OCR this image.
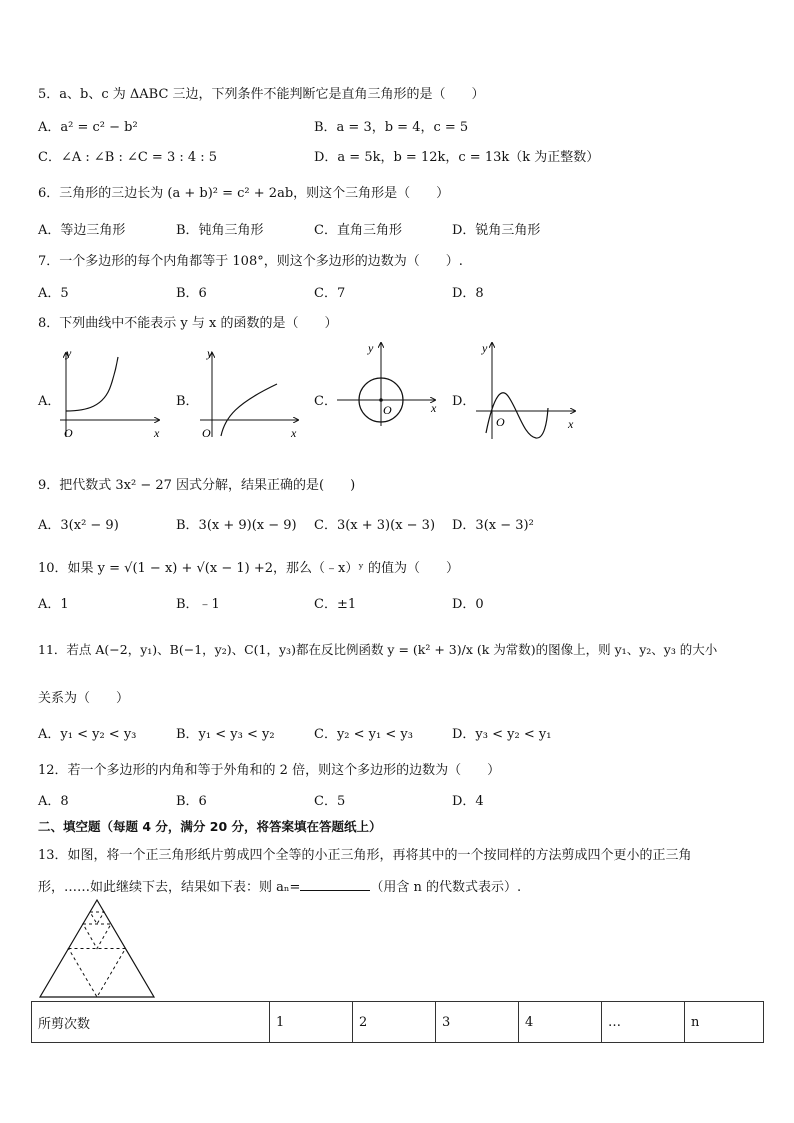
5．a、b、c 为 ΔABC 三边，下列条件不能判断它是直角三角形的是（　　）
A．a² = c² − b²	B．a = 3，b = 4，c = 5
C．∠A : ∠B : ∠C = 3 : 4 : 5	D．a = 5k，b = 12k，c = 13k（k 为正整数）
6．三角形的三边长为 (a + b)² = c² + 2ab，则这个三角形是（　　）
A．等边三角形	B．钝角三角形	C．直角三角形	D．锐角三角形
7．一个多边形的每个内角都等于 108°，则这个多边形的边数为（　　）.
A．5	B．6	C．7	D．8
8．下列曲线中不能表示 y 与 x 的函数的是（　　）
A．	B．	C．	D．
y
x
O
y
x
O
y
x
O
y
x
O
9．把代数式 3x² − 27 因式分解，结果正确的是(　　)
A．3(x² − 9)	B．3(x + 9)(x − 9) C．3(x + 3)(x − 3) D．3(x − 3)²
10．如果 y = √(1 − x) + √(x − 1) +2，那么（﹣x）ʸ 的值为（　　）
A．1	B．﹣1	C．±1	D．0
11．若点 A(−2，y₁)、B(−1，y₂)、C(1，y₃)都在反比例函数 y = (k² + 3)/x (k 为常数)的图像上，则 y₁、y₂、y₃ 的大小
关系为（　　）
A．y₁ < y₂ < y₃	B．y₁ < y₃ < y₂	C．y₂ < y₁ < y₃	D．y₃ < y₂ < y₁
12．若一个多边形的内角和等于外角和的 2 倍，则这个多边形的边数为（　　）
A．8	B．6	C．5	D．4
二、填空题（每题 4 分，满分 20 分，将答案填在答题纸上）
13．如图，将一个正三角形纸片剪成四个全等的小正三角形，再将其中的一个按同样的方法剪成四个更小的正三角
形，……如此继续下去，结果如下表：则 aₙ=	（用含 n 的代数式表示）.
所剪次数	1	2	3	4	…	n
